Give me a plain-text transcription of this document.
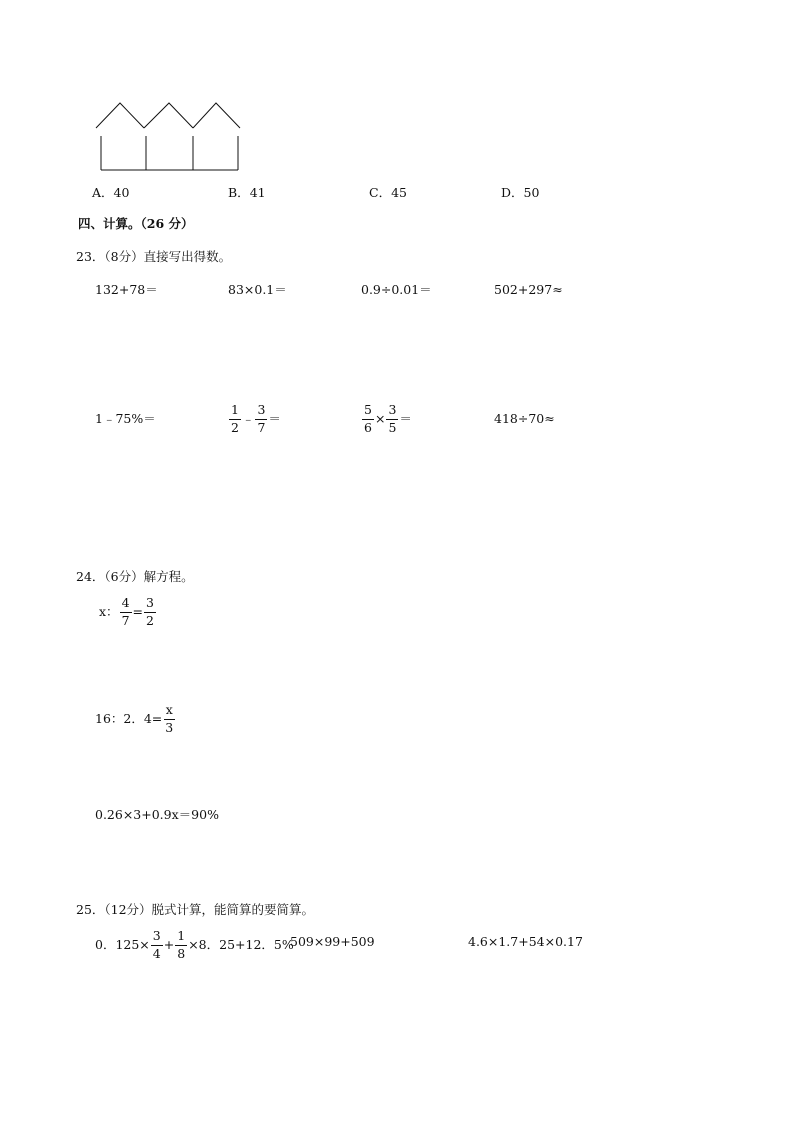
A．40	B．41	C．45	D．50
四、计算。（26 分）
23．（8分）直接写出得数。
132+78＝	83×0.1＝	0.9÷0.01＝	502+297≈
1﹣75%＝	$\frac{1}{2}$ ﹣ $\frac{3}{7}$ ＝	$\frac{5}{6} \times \frac{3}{5}$ ＝	418÷70≈
24．（6分）解方程。
x： $\frac{4}{7} = \frac{3}{2}$
16：2．$4= \frac{x}{3}$
0.26×3+0.9x＝90%
25．（12分）脱式计算，能简算的要简算。
0．$125\times \frac{3}{4} + \frac{1}{8} \times 8$．25+12．5%
509×99+509	4.6×1.7+54×0.17
